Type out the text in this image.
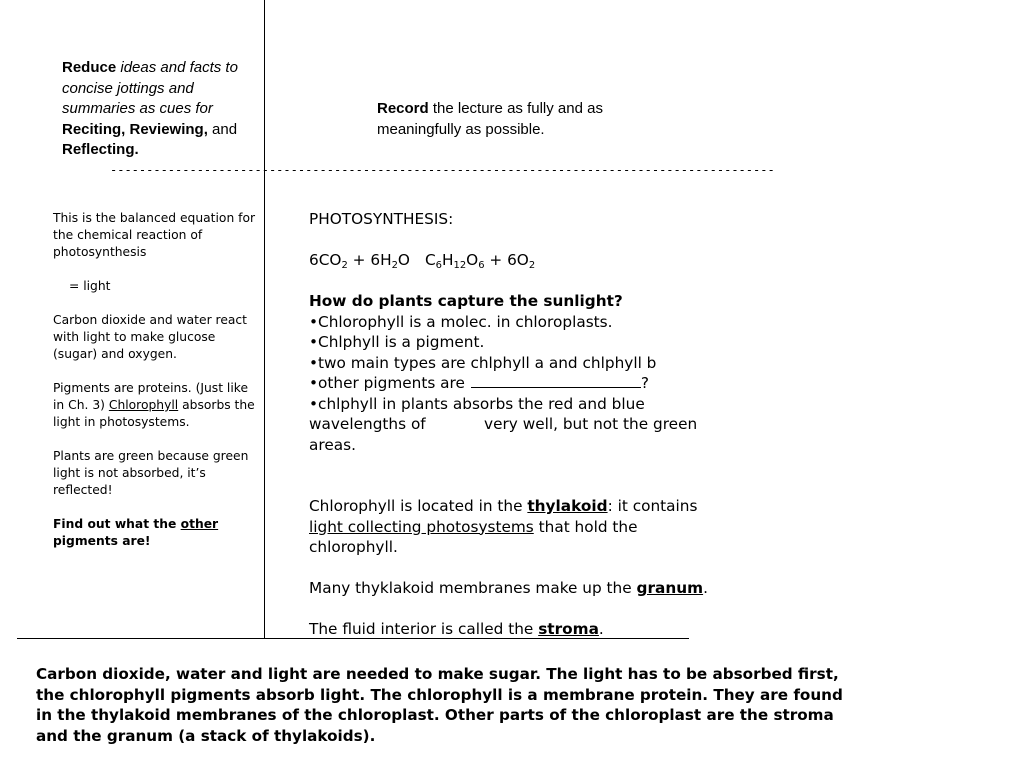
--------------------------------------------------------------------------------------------
Reduce ideas and facts to concise jottings and summaries as cues for Reciting, Reviewing, and Reflecting.
Record the lecture as fully and as meaningfully as possible.

This is the balanced equation for the chemical reaction of photosynthesis

= light

Carbon dioxide and water react with light to make glucose (sugar) and oxygen.

Pigments are proteins. (Just like in Ch. 3) Chlorophyll absorbs the light in photosystems.

Plants are green because green light is not absorbed, it’s reflected!

Find out what the other pigments are!

PHOTOSYNTHESIS:

$6CO_2 + 6H_2O$ $C_6H_{12}O_6 + 6O_2$

How do plants capture the sunlight?

• Chlorophyll is a molec. in chloroplasts.

• Chlphyll is a pigment.

• two main types are chlphyll a and chlphyll b

• other pigments are	?

• chlphyll in plants absorbs the red and blue wavelengths of            very well, but not the green areas.

Chlorophyll is located in the thylakoid: it contains light collecting photosystems that hold the chlorophyll.

Many thyklakoid membranes make up the granum.

The fluid interior is called the stroma.

Carbon dioxide, water and light are needed to make sugar. The light has to be absorbed first, the chlorophyll pigments absorb light. The chlorophyll is a membrane protein. They are found in the thylakoid membranes of the chloroplast. Other parts of the chloroplast are the stroma and the granum (a stack of thylakoids).
